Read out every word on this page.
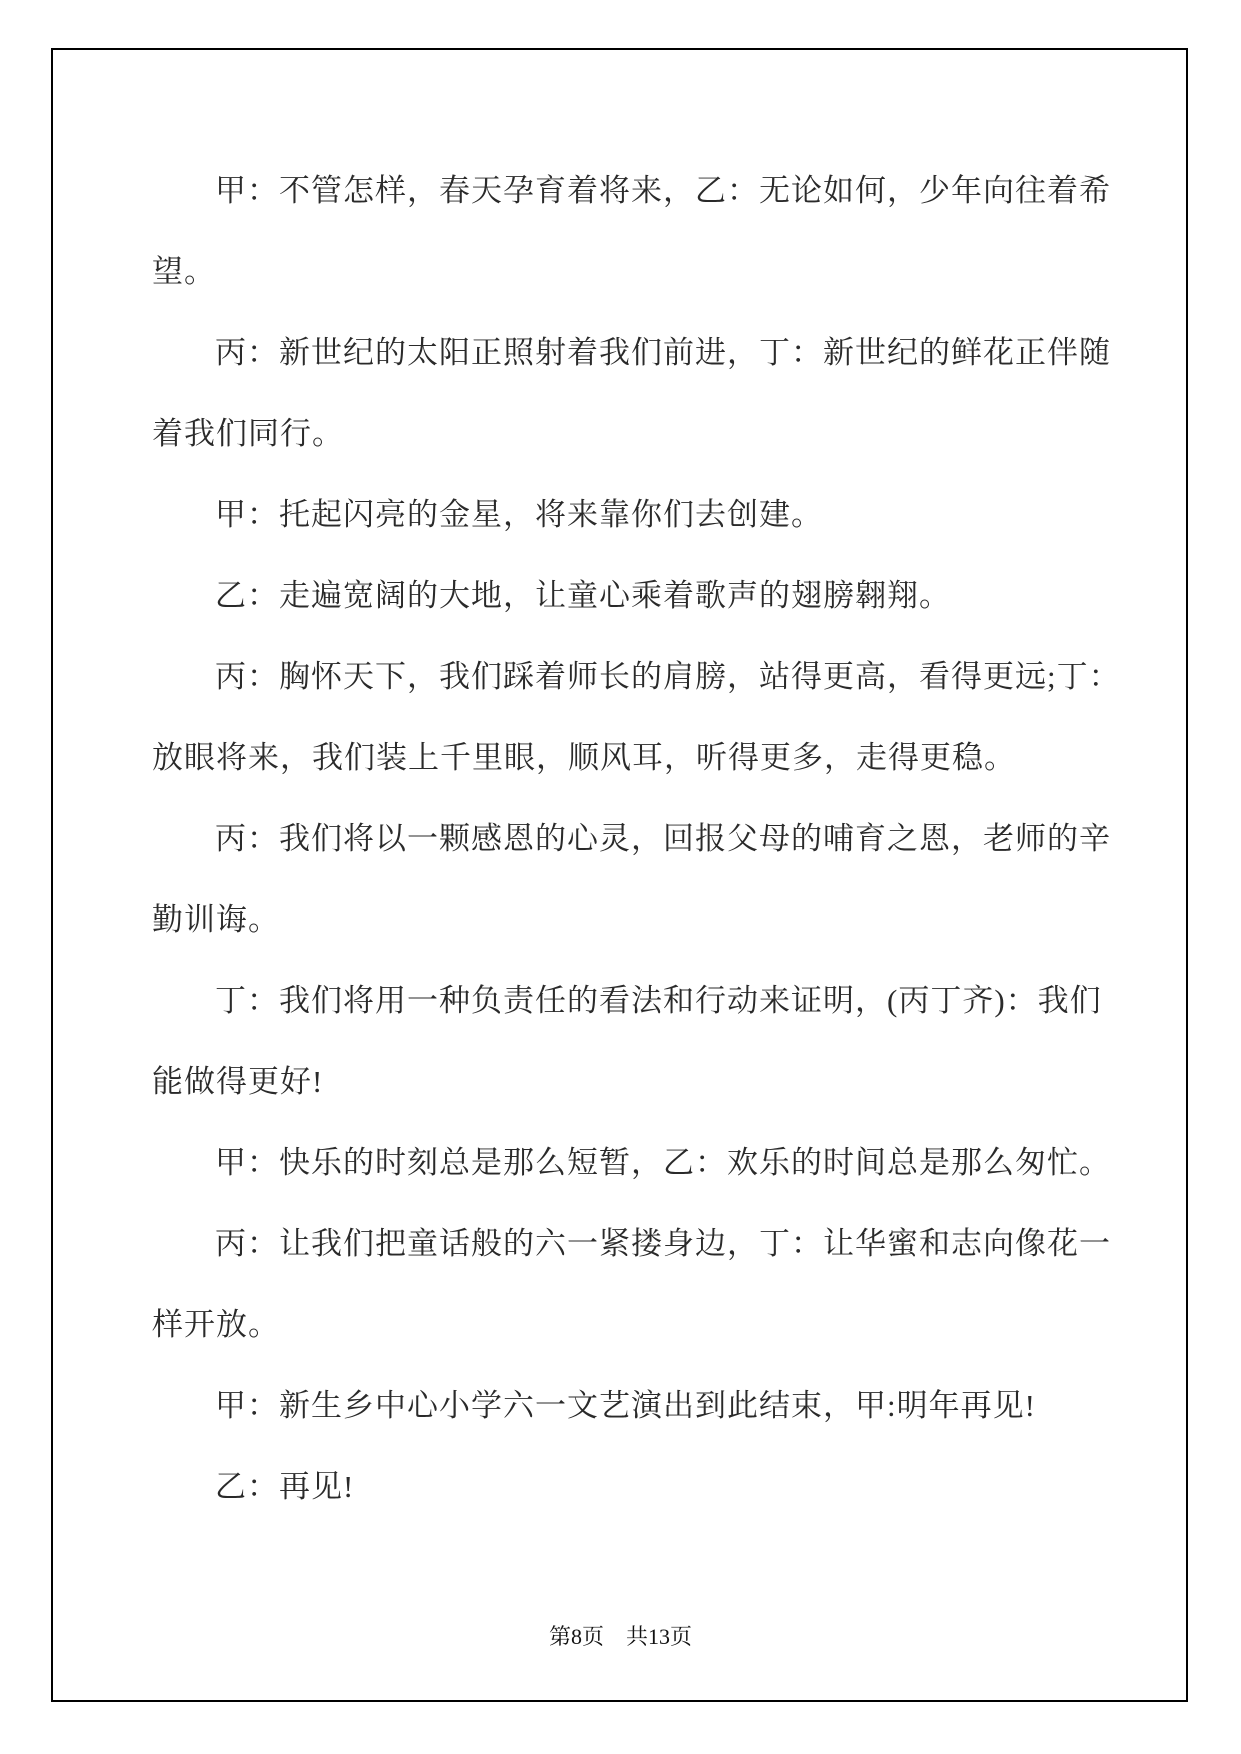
甲：不管怎样，春天孕育着将来，乙：无论如何，少年向往着希
望。
丙：新世纪的太阳正照射着我们前进，丁：新世纪的鲜花正伴随
着我们同行。
甲：托起闪亮的金星，将来靠你们去创建。
乙：走遍宽阔的大地，让童心乘着歌声的翅膀翱翔。
丙：胸怀天下，我们踩着师长的肩膀，站得更高，看得更远;丁：
放眼将来，我们装上千里眼，顺风耳，听得更多，走得更稳。
丙：我们将以一颗感恩的心灵，回报父母的哺育之恩，老师的辛
勤训诲。
丁：我们将用一种负责任的看法和行动来证明，(丙丁齐)：我们
能做得更好!
甲：快乐的时刻总是那么短暂，乙：欢乐的时间总是那么匆忙。
丙：让我们把童话般的六一紧搂身边，丁：让华蜜和志向像花一
样开放。
甲：新生乡中心小学六一文艺演出到此结束，甲:明年再见!
乙：再见!
第8页 共13页
